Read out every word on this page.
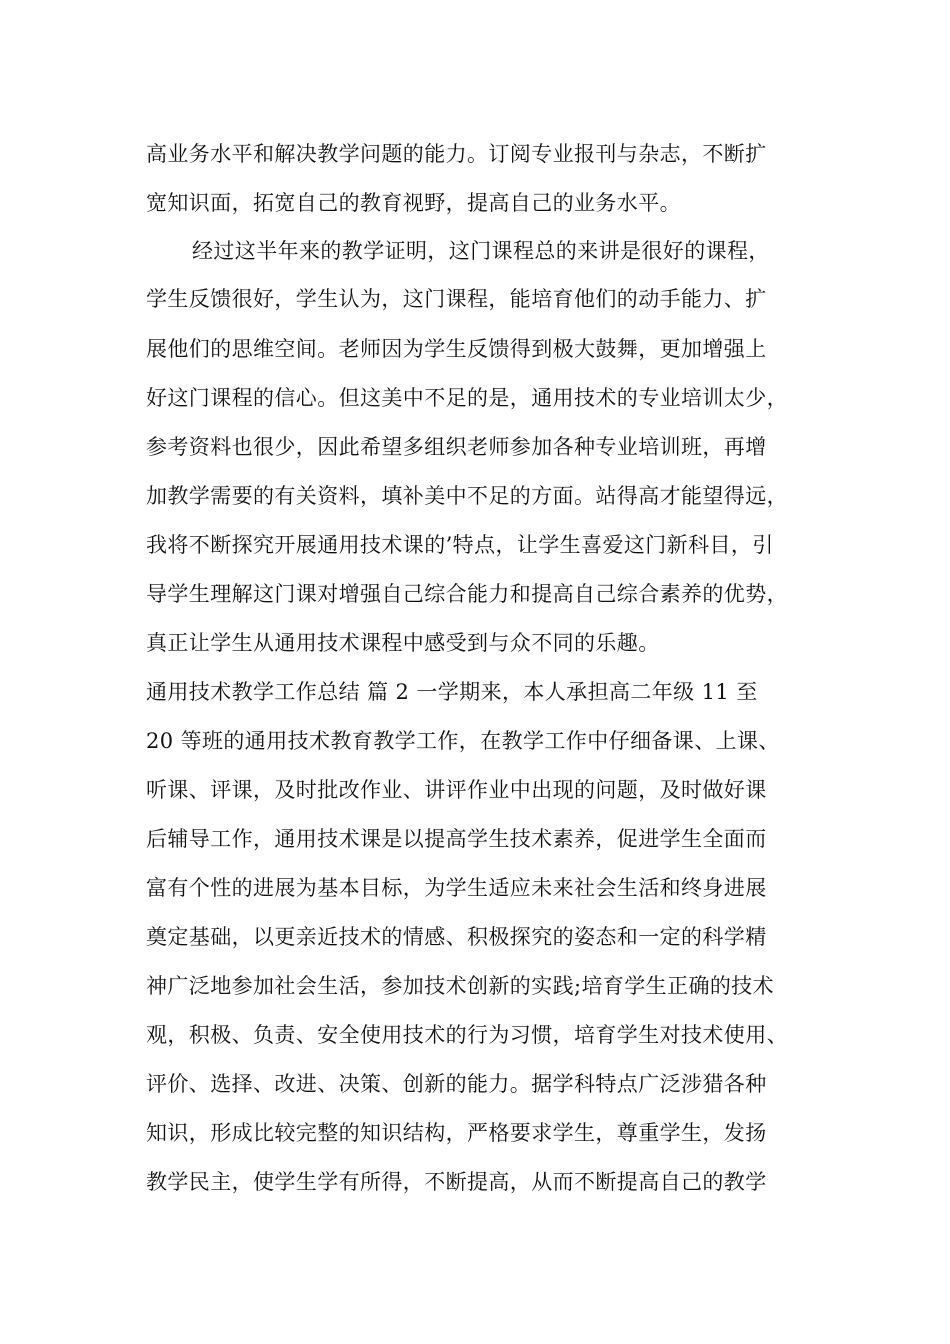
高业务水平和解决教学问题的能力。订阅专业报刊与杂志，不断扩
宽知识面，拓宽自己的教育视野，提高自己的业务水平。
经过这半年来的教学证明，这门课程总的来讲是很好的课程，
学生反馈很好，学生认为，这门课程，能培育他们的动手能力、扩
展他们的思维空间。老师因为学生反馈得到极大鼓舞，更加增强上
好这门课程的信心。但这美中不足的是，通用技术的专业培训太少，
参考资料也很少，因此希望多组织老师参加各种专业培训班，再增
加教学需要的有关资料，填补美中不足的方面。站得高才能望得远，
我将不断探究开展通用技术课的’特点，让学生喜爱这门新科目，引
导学生理解这门课对增强自己综合能力和提高自己综合素养的优势，
真正让学生从通用技术课程中感受到与众不同的乐趣。
通用技术教学工作总结 篇 2 一学期来，本人承担高二年级 11 至
20 等班的通用技术教育教学工作，在教学工作中仔细备课、上课、
听课、评课，及时批改作业、讲评作业中出现的问题，及时做好课
后辅导工作，通用技术课是以提高学生技术素养，促进学生全面而
富有个性的进展为基本目标，为学生适应未来社会生活和终身进展
奠定基础，以更亲近技术的情感、积极探究的姿态和一定的科学精
神广泛地参加社会生活，参加技术创新的实践;培育学生正确的技术
观，积极、负责、安全使用技术的行为习惯，培育学生对技术使用、
评价、选择、改进、决策、创新的能力。据学科特点广泛涉猎各种
知识，形成比较完整的知识结构，严格要求学生，尊重学生，发扬
教学民主，使学生学有所得，不断提高，从而不断提高自己的教学
